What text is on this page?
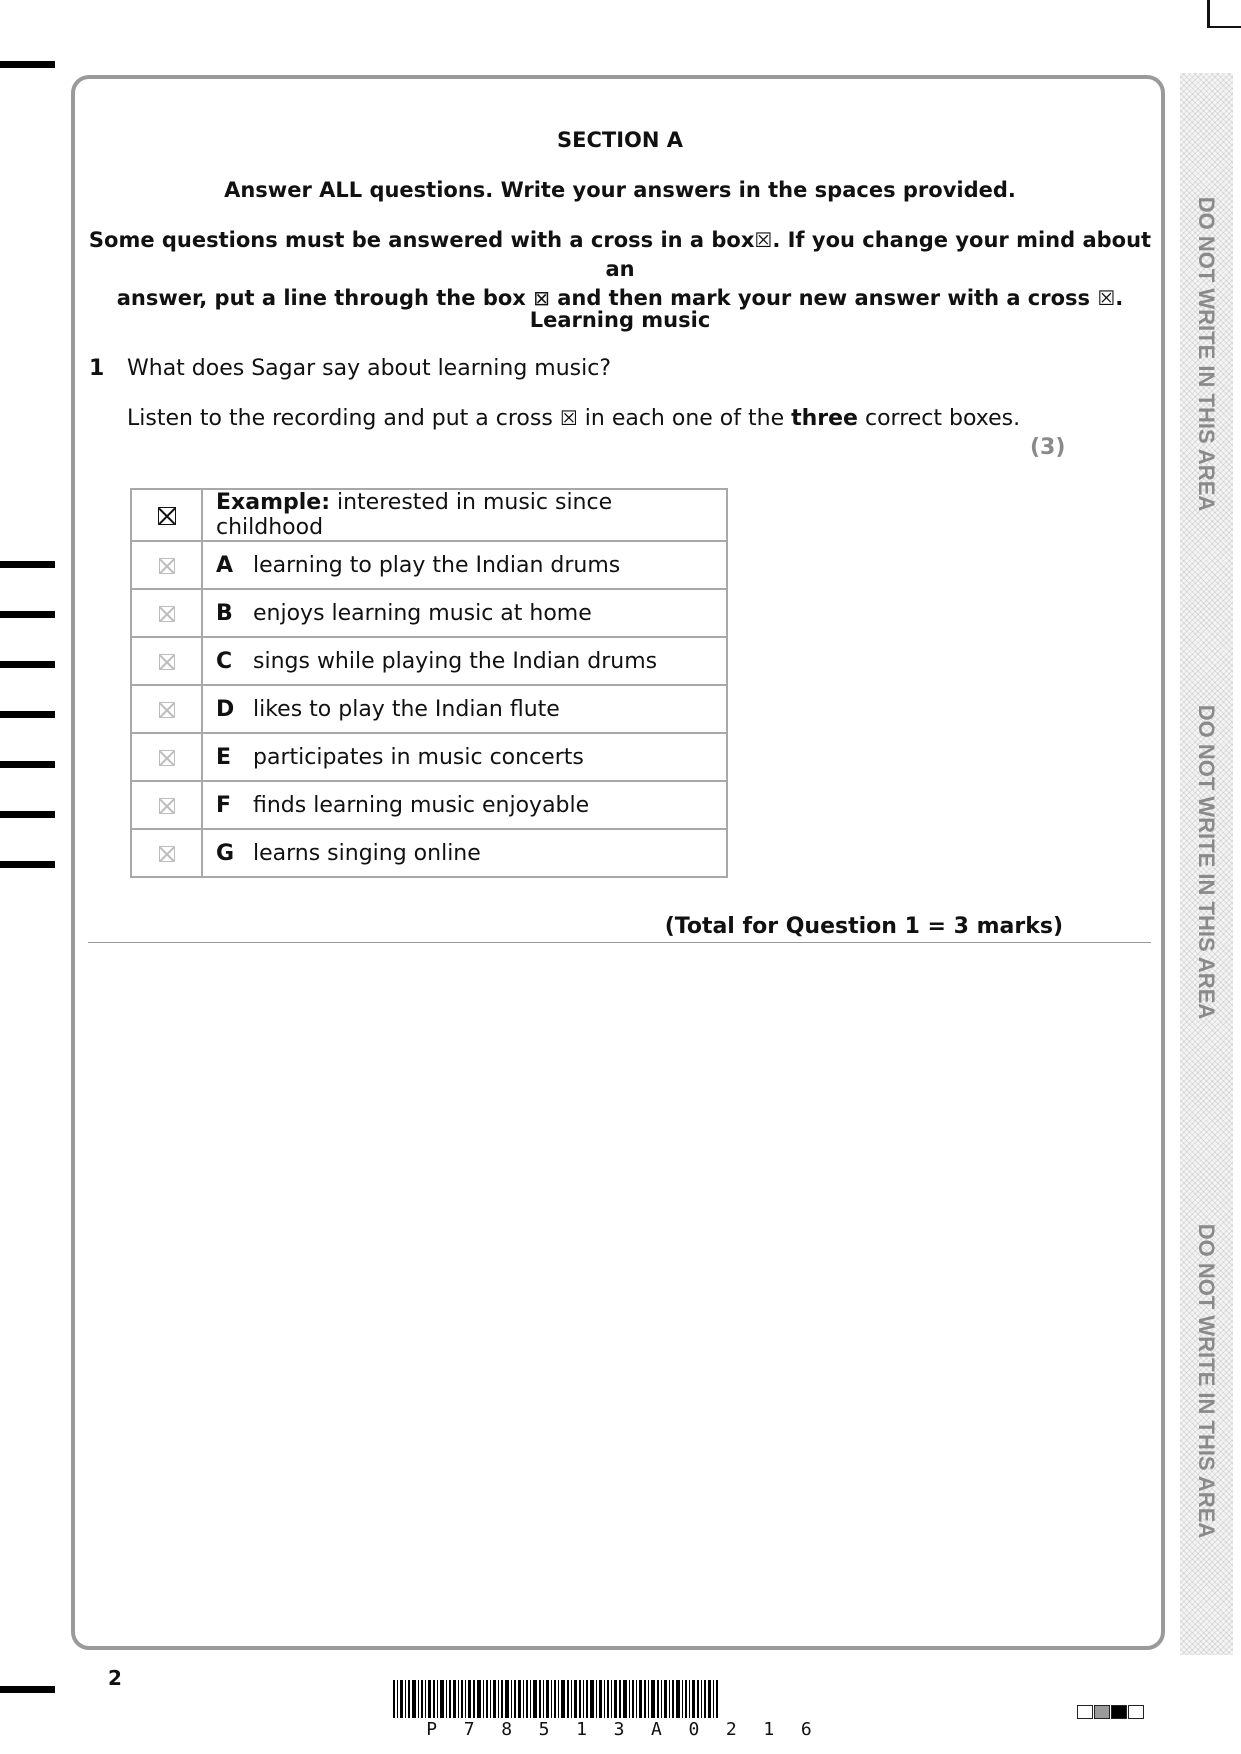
DO NOT WRITE IN THIS AREA
DO NOT WRITE IN THIS AREA
DO NOT WRITE IN THIS AREA
SECTION A
Answer ALL questions. Write your answers in the spaces provided.
Some questions must be answered with a cross in a box☒. If you change your mind about an
answer, put a line through the box ⊠ and then mark your new answer with a cross ☒.
Learning music
1 What does Sagar say about learning music?
Listen to the recording and put a cross ☒ in each one of the three correct boxes.
(3)
	Example: interested in music since childhood
	A learning to play the Indian drums
	B enjoys learning music at home
	C sings while playing the Indian drums
	D likes to play the Indian flute
	E participates in music concerts
	F finds learning music enjoyable
	G learns singing online
(Total for Question 1 = 3 marks)
2
P 7 8 5 1 3 A 0 2 1 6
